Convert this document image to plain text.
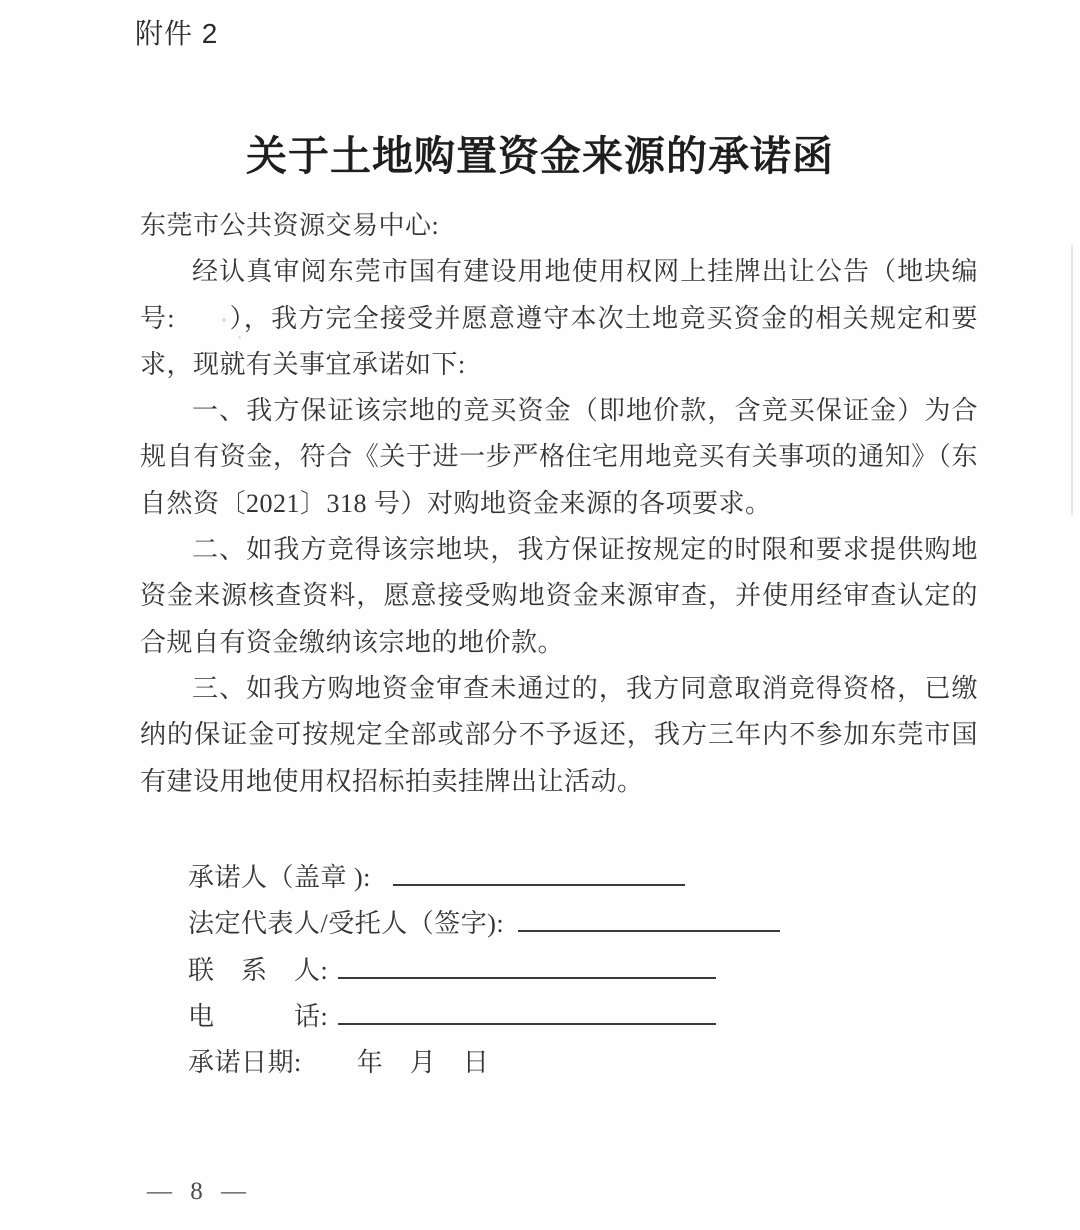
附件 2
关于土地购置资金来源的承诺函

东莞市公共资源交易中心:

经认真审阅东莞市国有建设用地使用权网上挂牌出让公告（地块编号: ），我方完全接受并愿意遵守本次土地竞买资金的相关规定和要求，现就有关事宜承诺如下:

一、我方保证该宗地的竞买资金（即地价款，含竞买保证金）为合规自有资金，符合《关于进一步严格住宅用地竞买有关事项的通知》（东自然资〔2021〕318 号）对购地资金来源的各项要求。

二、如我方竞得该宗地块，我方保证按规定的时限和要求提供购地资金来源核查资料，愿意接受购地资金来源审查，并使用经审查认定的合规自有资金缴纳该宗地的地价款。

三、如我方购地资金审查未通过的，我方同意取消竞得资格，已缴纳的保证金可按规定全部或部分不予返还，我方三年内不参加东莞市国有建设用地使用权招标拍卖挂牌出让活动。

承诺人（盖章 ):
法定代表人/受托人（签字):
联　系　人:
电　　　话:
承诺日期: 年　月　日
— 8 —
